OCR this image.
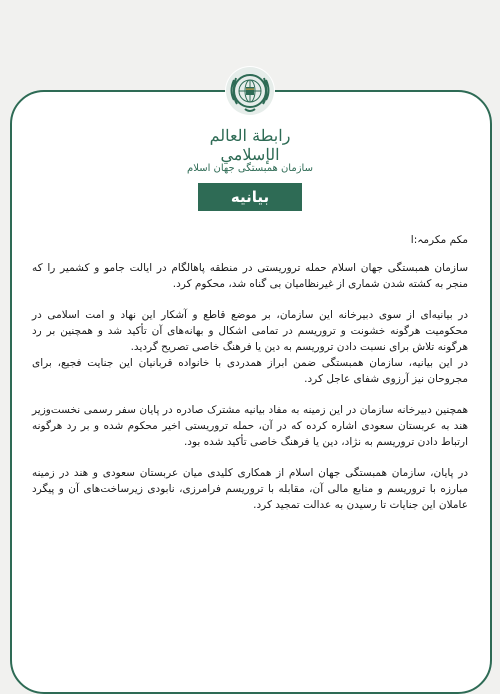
رابطة العالم الإسلامي
سازمان همبستگی جهان اسلام
بیانیه

مکم مکرمہ:ا

سازمان همبستگی جهان اسلام حمله تروریستی در منطقه پاهالگام در ایالت جامو و کشمیر را که منجر به کشته شدن شماری از غیرنظامیان بی گناه شد، محکوم کرد.

در بیانیه‌ای از سوی دبیرخانه این سازمان، بر موضع قاطع و آشکار این نهاد و امت اسلامی در محکومیت هرگونه خشونت و تروریسم در تمامی اشکال و بهانه‌های آن تأکید شد و همچنین بر رد هرگونه تلاش برای نسبت دادن تروریسم به دین یا فرهنگ خاصی تصریح گردید.

در این بیانیه، سازمان همبستگی ضمن ابراز همدردی با خانواده قربانیان این جنایت فجیع، برای مجروحان نیز آرزوی شفای عاجل کرد.

همچنین دبیرخانه سازمان در این زمینه به مفاد بیانیه مشترک صادره در پایان سفر رسمی نخست‌وزیر هند به عربستان سعودی اشاره کرده که در آن، حمله تروریستی اخیر محکوم شده و بر رد هرگونه ارتباط دادن تروریسم به نژاد، دین یا فرهنگ خاصی تأکید شده بود.

در پایان، سازمان همبستگی جهان اسلام از همکاری کلیدی میان عربستان سعودی و هند در زمینه مبارزه با تروریسم و منابع مالی آن، مقابله با تروریسم فرامرزی، نابودی زیرساخت‌های آن و پیگرد عاملان این جنایات تا رسیدن به عدالت تمجید کرد.
